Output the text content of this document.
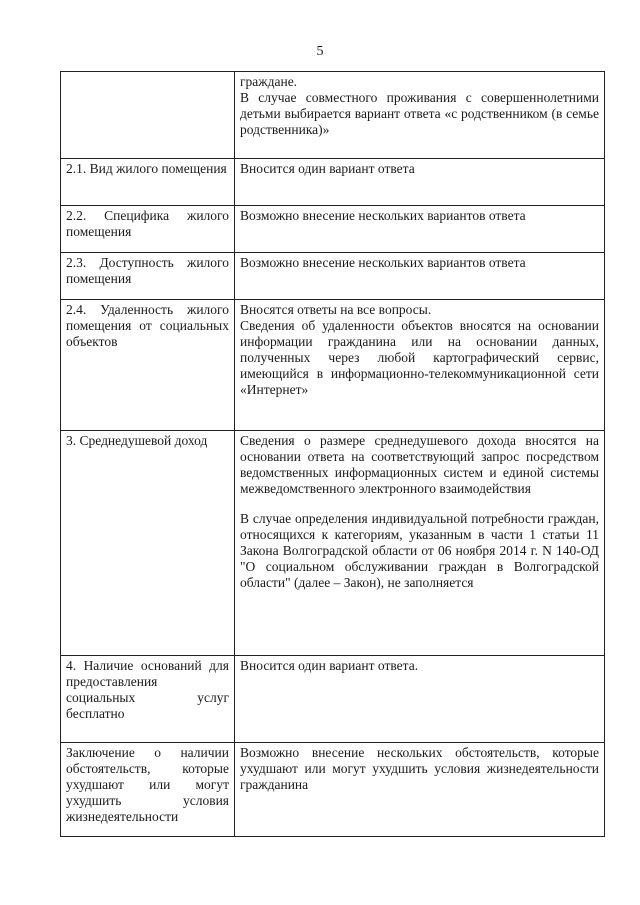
5

	граждане.
В случае совместного проживания с совершеннолетними детьми выбирается вариант ответа «с родственником (в семье родственника)»

2.1. Вид жилого помещения	Вносится один вариант ответа

2.2. Специфика жилого помещения	Возможно внесение нескольких вариантов ответа

2.3. Доступность жилого помещения	Возможно внесение нескольких вариантов ответа

2.4. Удаленность жилого помещения от социальных объектов	Вносятся ответы на все вопросы.
Сведения об удаленности объектов вносятся на основании информации гражданина или на основании данных, полученных через любой картографический сервис, имеющийся в информационно-телекоммуникационной сети «Интернет»

3. Среднедушевой доход	Сведения о размере среднедушевого дохода вносятся на основании ответа на соответствующий запрос посредством ведомственных информационных систем и единой системы межведомственного электронного взаимодействия
В случае определения индивидуальной потребности граждан, относящихся к категориям, указанным в части 1 статьи 11 Закона Волгоградской области от 06 ноября 2014 г. N 140-ОД "О социальном обслуживании граждан в Волгоградской области" (далее – Закон), не заполняется

4. Наличие оснований для предоставления социальных услуг бесплатно	Вносится один вариант ответа.

Заключение о наличии обстоятельств, которые ухудшают или могут ухудшить условия жизнедеятельности	Возможно внесение нескольких обстоятельств, которые ухудшают или могут ухудшить условия жизнедеятельности гражданина
